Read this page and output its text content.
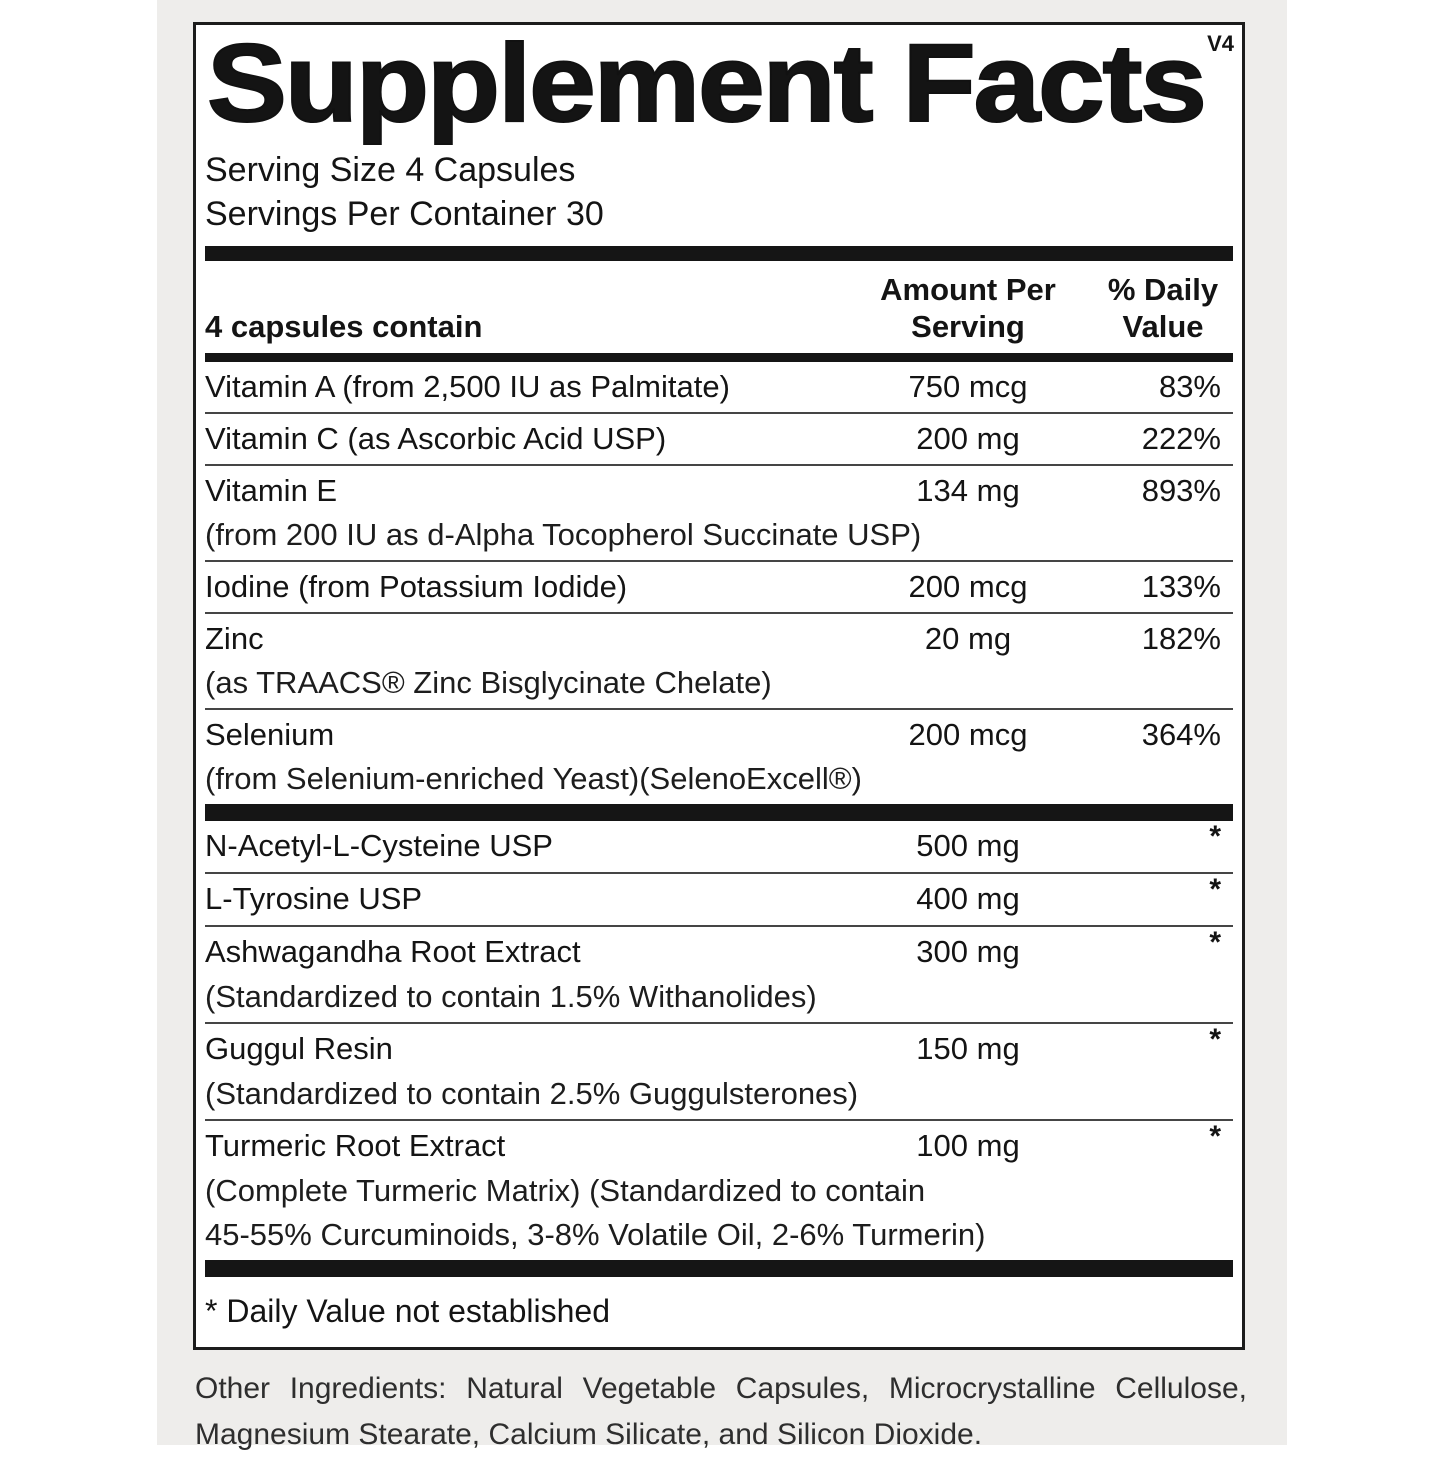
V4
Supplement Facts
Serving Size 4 Capsules
Servings Per Container 30
4 capsules contain
Amount Per
Serving
% Daily
Value
Vitamin A (from 2,500 IU as Palmitate)	750 mcg	83%
Vitamin C (as Ascorbic Acid USP)	200 mg	222%
Vitamin E	134 mg	893%
(from 200 IU as d-Alpha Tocopherol Succinate USP)
Iodine (from Potassium Iodide)	200 mcg	133%
Zinc	20 mg	182%
(as TRAACS® Zinc Bisglycinate Chelate)
Selenium	200 mcg	364%
(from Selenium-enriched Yeast)(SelenoExcell®)
N-Acetyl-L-Cysteine USP	500 mg	*
L-Tyrosine USP	400 mg	*
Ashwagandha Root Extract	300 mg	*
(Standardized to contain 1.5% Withanolides)
Guggul Resin	150 mg	*
(Standardized to contain 2.5% Guggulsterones)
Turmeric Root Extract	100 mg	*
(Complete Turmeric Matrix) (Standardized to contain
45-55% Curcuminoids, 3-8% Volatile Oil, 2-6% Turmerin)
* Daily Value not established
Other Ingredients: Natural Vegetable Capsules, Microcrystalline Cellulose,
Magnesium Stearate, Calcium Silicate, and Silicon Dioxide.
